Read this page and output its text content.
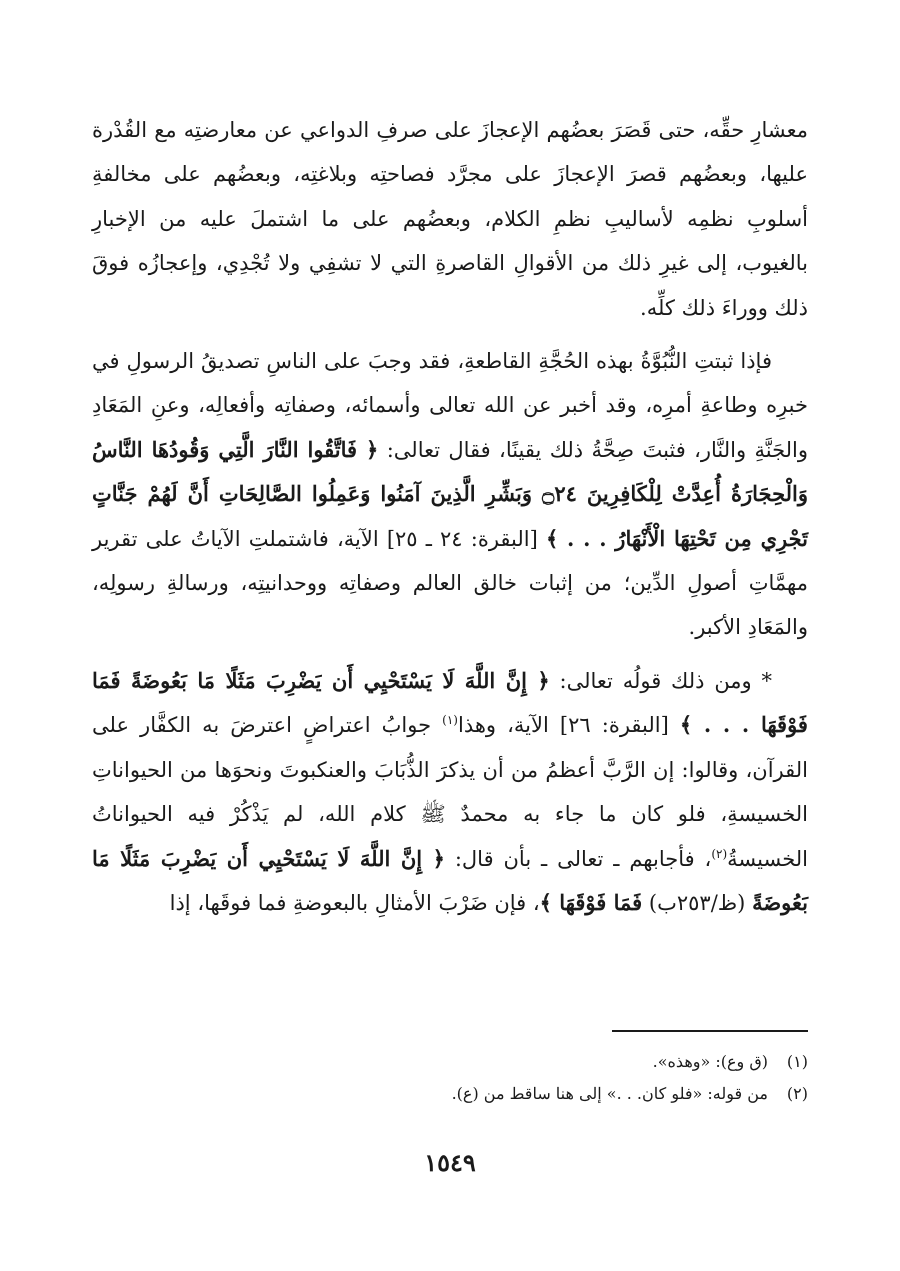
معشارِ حقِّه، حتى قَصَرَ بعضُهم الإعجازَ على صرفِ الدواعي عن معارضتِه مع القُدْرة عليها، وبعضُهم قصرَ الإعجازَ على مجرَّد فصاحتِه وبلاغتِه، وبعضُهم على مخالفةِ أسلوبِ نظمِه لأساليبِ نظمِ الكلام، وبعضُهم على ما اشتملَ عليه من الإخبارِ بالغيوب، إلى غيرِ ذلك من الأقوالِ القاصرةِ التي لا تشفِي ولا تُجْدِي، وإعجازُه فوقَ ذلك ووراءَ ذلك كلِّه.

فإذا ثبتتِ النُّبُوَّةُ بهذه الحُجَّةِ القاطعةِ، فقد وجبَ على الناسِ تصديقُ الرسولِ في خبرِه وطاعةِ أمرِه، وقد أخبر عن الله تعالى وأسمائه، وصفاتِه وأفعالِه، وعنِ المَعَادِ والجَنَّةِ والنَّار، فثبتَ صِحَّةُ ذلك يقينًا، فقال تعالى: ﴿ فَاتَّقُوا النَّارَ الَّتِي وَقُودُهَا النَّاسُ وَالْحِجَارَةُ أُعِدَّتْ لِلْكَافِرِينَ ۝٢٤ وَبَشِّرِ الَّذِينَ آمَنُوا وَعَمِلُوا الصَّالِحَاتِ أَنَّ لَهُمْ جَنَّاتٍ تَجْرِي مِن تَحْتِهَا الْأَنْهَارُ . . . ﴾ [البقرة: ٢٤ ـ ٢٥] الآية، فاشتملتِ الآياتُ على تقرير مهمَّاتِ أصولِ الدِّين؛ من إثبات خالق العالم وصفاتِه ووحدانيتِه، ورسالةِ رسولِه، والمَعَادِ الأكبر.

* ومن ذلك قولُه تعالى: ﴿ إِنَّ اللَّهَ لَا يَسْتَحْيِي أَن يَضْرِبَ مَثَلًا مَا بَعُوضَةً فَمَا فَوْقَهَا . . . ﴾ [البقرة: ٢٦] الآية، وهذا$^{(١)}$ جوابُ اعتراضٍ اعترضَ به الكفَّار على القرآن، وقالوا: إن الرَّبَّ أعظمُ من أن يذكرَ الذُّبَابَ والعنكبوتَ ونحوَها من الحيواناتِ الخسيسةِ، فلو كان ما جاء به محمدٌ ﷺ كلام الله، لم يَذْكُرْ فيه الحيواناتُ الخسيسةُ$^{(٢)}$، فأجابهم ـ تعالى ـ بأن قال: ﴿ إِنَّ اللَّهَ لَا يَسْتَحْيِي أَن يَضْرِبَ مَثَلًا مَا بَعُوضَةً (ظ/٢٥٣ب) فَمَا فَوْقَهَا ﴾، فإن ضَرْبَ الأمثالِ بالبعوضةِ فما فوقَها، إذا

(١)(ق وع): «وهذه».

(٢)من قوله: «فلو كان. . .» إلى هنا ساقط من (ع).

١٥٤٩
